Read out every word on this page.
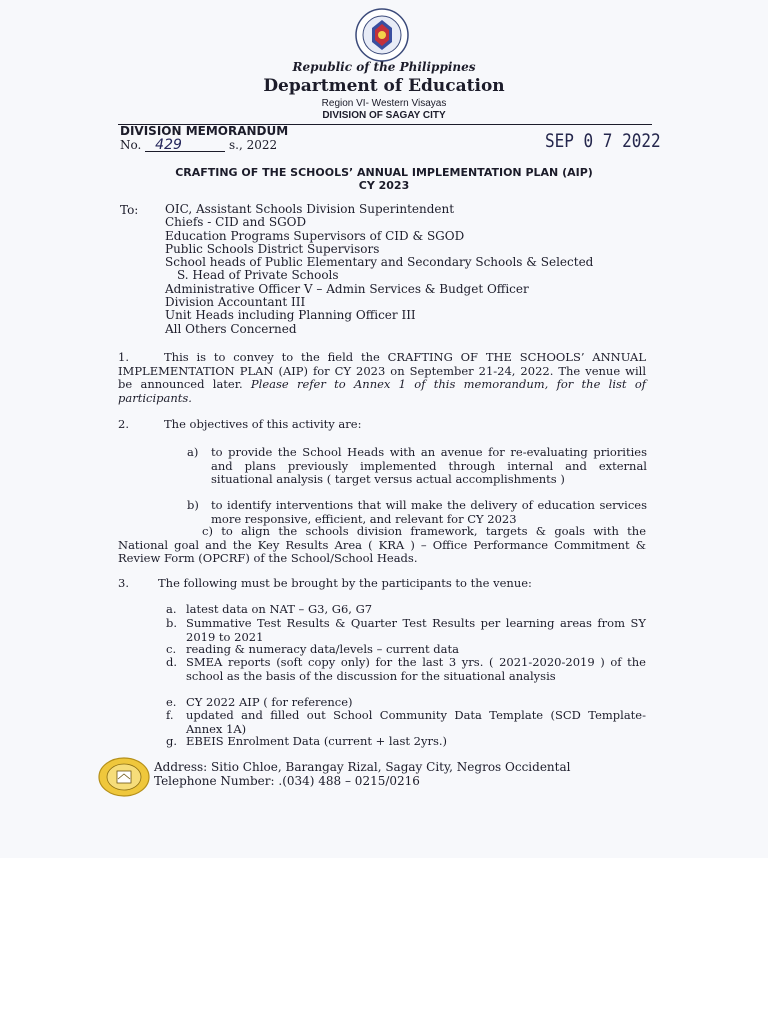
Republic of the Philippines
Department of Education
Region VI- Western Visayas
DIVISION OF SAGAY CITY
DIVISION MEMORANDUM
No. 429	s., 2022	SEP 0 7 2022
CRAFTING OF THE SCHOOLS’ ANNUAL IMPLEMENTATION PLAN (AIP)
CY 2023
To: OIC, Assistant Schools Division Superintendent
Chiefs - CID and SGOD
Education Programs Supervisors of CID & SGOD
Public Schools District Supervisors
School heads of Public Elementary and Secondary Schools & Selected
S. Head of Private Schools
Administrative Officer V – Admin Services & Budget Officer
Division Accountant III
Unit Heads including Planning Officer III
All Others Concerned
1.	This is to convey to the field the CRAFTING OF THE SCHOOLS’ ANNUAL IMPLEMENTATION PLAN (AIP) for CY 2023 on September 21-24, 2022. The venue will be announced later. Please refer to Annex 1 of this memorandum, for the list of participants.
2.	The objectives of this activity are:
a) to provide the School Heads with an avenue for re-evaluating priorities and plans previously implemented through internal and external situational analysis ( target versus actual accomplishments )
b) to identify interventions that will make the delivery of education services more responsive, efficient, and relevant for CY 2023
c) to align the schools division framework, targets & goals with the National goal and the Key Results Area ( KRA ) – Office Performance Commitment & Review Form (OPCRF) of the School/School Heads.
3.	The following must be brought by the participants to the venue:
a. latest data on NAT – G3, G6, G7
b. Summative Test Results & Quarter Test Results per learning areas from SY 2019 to 2021
c. reading & numeracy data/levels – current data
d. SMEA reports (soft copy only) for the last 3 yrs. ( 2021-2020-2019 ) of the school as the basis of the discussion for the situational analysis
e. CY 2022 AIP ( for reference)
f. updated and filled out School Community Data Template (SCD Template-Annex 1A)
g. EBEIS Enrolment Data (current + last 2yrs.)
Address: Sitio Chloe, Barangay Rizal, Sagay City, Negros Occidental
Telephone Number: .(034) 488 – 0215/0216
